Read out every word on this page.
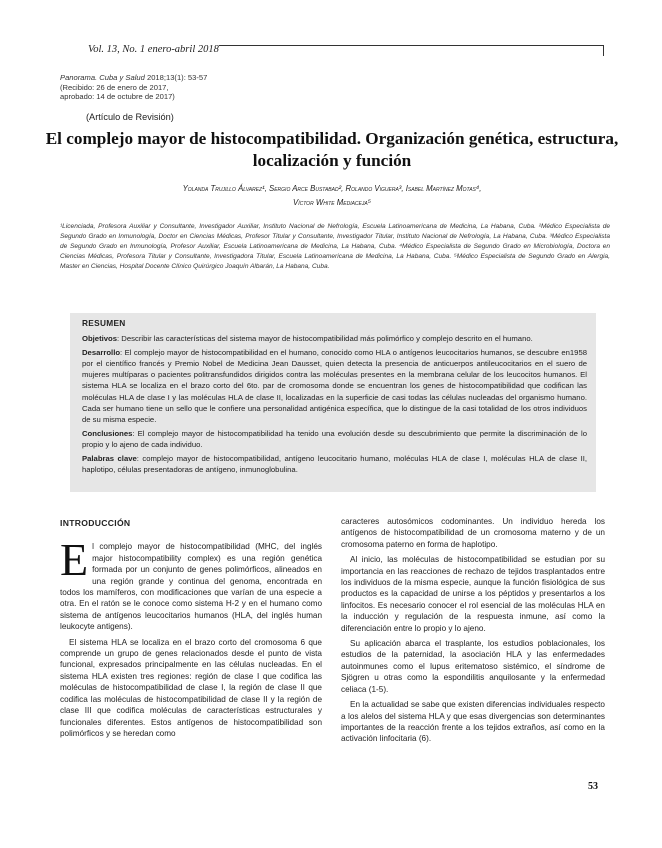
Vol. 13, No. 1 enero-abril 2018
Panorama. Cuba y Salud 2018;13(1): 53-57
(Recibido: 26 de enero de 2017,
aprobado: 14 de octubre de 2017)
(Artículo de Revisión)
El complejo mayor de histocompatibilidad. Organización genética, estructura, localización y función
Yolanda Trujillo Álvarez¹, Sergio Arce Bustabad², Rolando Viguera³, Isabel Martínez Motas⁴,
Víctor White Mediaceja⁵
¹Licenciada, Profesora Auxiliar y Consultante, Investigador Auxiliar, Instituto Nacional de Nefrología, Escuela Latinoamericana de Medicina, La Habana, Cuba. ²Médico Especialista de Segundo Grado en Inmunología, Doctor en Ciencias Médicas, Profesor Titular y Consultante, Investigador Titular, Instituto Nacional de Nefrología, La Habana, Cuba. ³Médico Especialista de Segundo Grado en Inmunología, Profesor Auxiliar, Escuela Latinoamericana de Medicina, La Habana, Cuba. ⁴Médico Especialista de Segundo Grado en Microbiología, Doctora en Ciencias Médicas, Profesora Titular y Consultante, Investigadora Titular, Escuela Latinoamericana de Medicina, La Habana, Cuba. ⁵Médico Especialista de Segundo Grado en Alergia, Master en Ciencias, Hospital Docente Clínico Quirúrgico Joaquín Albarán, La Habana, Cuba.
RESUMEN

Objetivos: Describir las características del sistema mayor de histocompatibilidad más polimórfico y complejo descrito en el humano.

Desarrollo: El complejo mayor de histocompatibilidad en el humano, conocido como HLA o antígenos leucocitarios humanos, se descubre en1958 por el científico francés y Premio Nobel de Medicina Jean Dausset, quien detecta la presencia de anticuerpos antileucocitarios en el suero de mujeres multíparas o pacientes politransfundidos dirigidos contra las moléculas presentes en la membrana celular de los leucocitos humanos. El sistema HLA se localiza en el brazo corto del 6to. par de cromosoma donde se encuentran los genes de histocompatibilidad que codifican las moléculas HLA de clase I y las moléculas HLA de clase II, localizadas en la superficie de casi todas las células nucleadas del organismo humano. Cada ser humano tiene un sello que le confiere una personalidad antigénica específica, que lo distingue de la casi totalidad de los otros individuos de su misma especie.

Conclusiones: El complejo mayor de histocompatibilidad ha tenido una evolución desde su descubrimiento que permite la discriminación de lo propio y lo ajeno de cada individuo.

Palabras clave: complejo mayor de histocompatibilidad, antígeno leucocitario humano, moléculas HLA de clase I, moléculas HLA de clase II, haplotipo, células presentadoras de antígeno, inmunoglobulina.

INTRODUCCIÓN

El complejo mayor de histocompatibilidad (MHC, del inglés major histocompatibility complex) es una región genética formada por un conjunto de genes polimórficos, alineados en una región grande y continua del genoma, encontrada en todos los mamíferos, con modificaciones que varían de una especie a otra. En el ratón se le conoce como sistema H-2 y en el humano como sistema de antígenos leucocitarios humanos (HLA, del inglés human leukocyte antigens).

El sistema HLA se localiza en el brazo corto del cromosoma 6 que comprende un grupo de genes relacionados desde el punto de vista funcional, expresados principalmente en las células nucleadas. En el sistema HLA existen tres regiones: región de clase I que codifica las moléculas de histocompatibilidad de clase I, la región de clase II que codifica las moléculas de histocompatibilidad de clase II y la región de clase III que codifica moléculas de características estructurales y funcionales diferentes. Estos antígenos de histocompatibilidad son polimórficos y se heredan como

caracteres autosómicos codominantes. Un individuo hereda los antígenos de histocompatibilidad de un cromosoma materno y de un cromosoma paterno en forma de haplotipo.

Al inicio, las moléculas de histocompatibilidad se estudian por su importancia en las reacciones de rechazo de tejidos trasplantados entre los individuos de la misma especie, aunque la función fisiológica de sus productos es la capacidad de unirse a los péptidos y presentarlos a los linfocitos. Es necesario conocer el rol esencial de las moléculas HLA en la inducción y regulación de la respuesta inmune, así como la diferenciación entre lo propio y lo ajeno.

Su aplicación abarca el trasplante, los estudios poblacionales, los estudios de la paternidad, la asociación HLA y las enfermedades autoinmunes como el lupus eritematoso sistémico, el síndrome de Sjögren u otras como la espondilitis anquilosante y la enfermedad celiaca (1-5).

En la actualidad se sabe que existen diferencias individuales respecto a los alelos del sistema HLA y que esas divergencias son determinantes importantes de la reacción frente a los tejidos extraños, así como en la activación linfocitaria (6).

53
